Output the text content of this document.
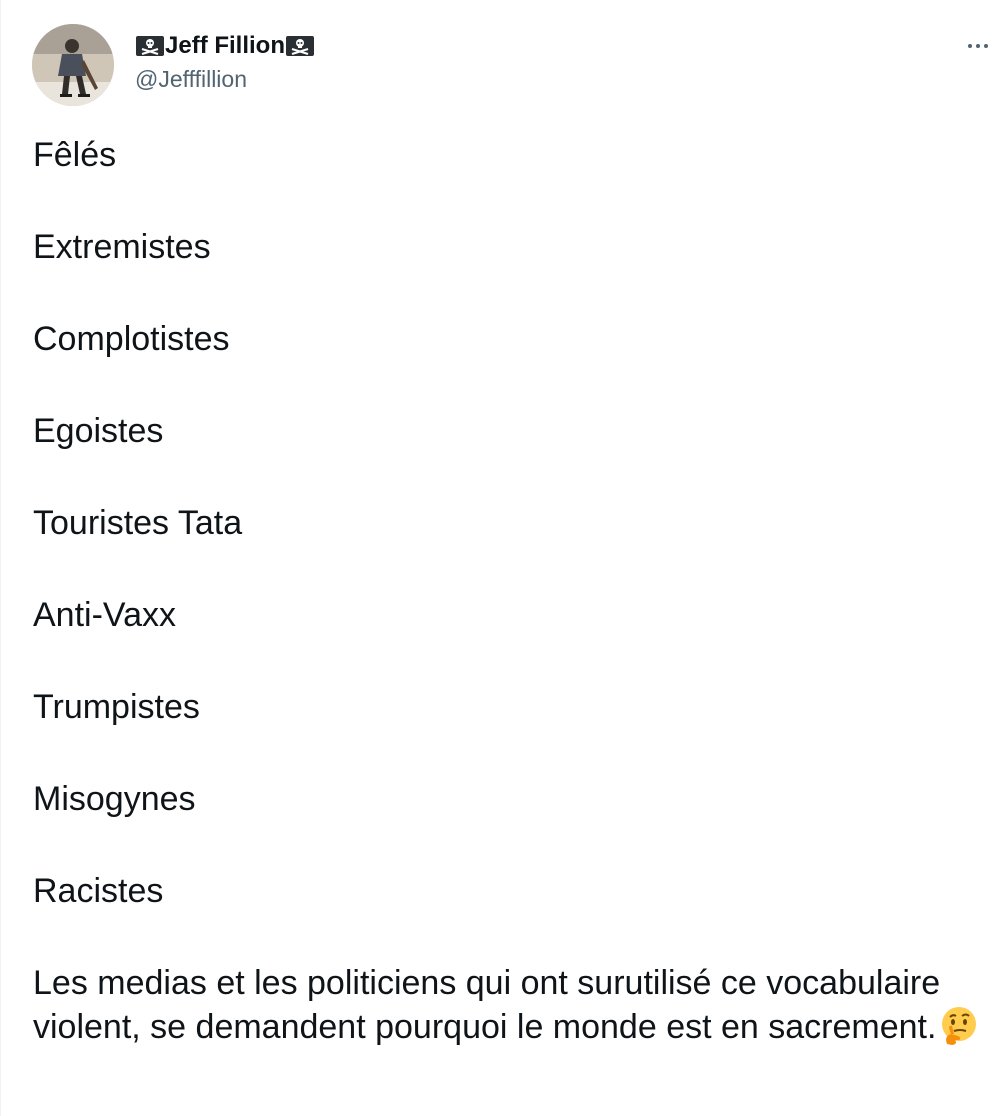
Jeff Fillion
@Jefffillion
Fêlés
Extremistes
Complotistes
Egoistes
Touristes Tata
Anti-Vaxx
Trumpistes
Misogynes
Racistes
Les medias et les politiciens qui ont surutilisé ce vocabulaire violent, se demandent pourquoi le monde est en sacrement.
